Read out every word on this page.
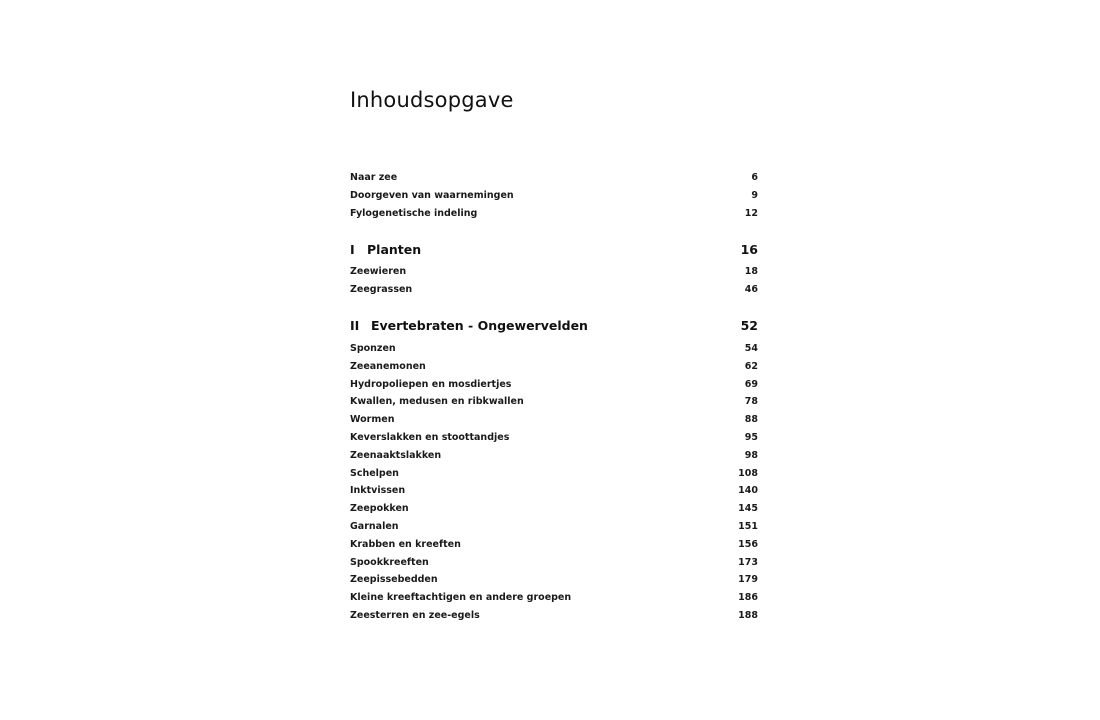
Inhoudsopgave
Naar zee	6
Doorgeven van waarnemingen	9
Fylogenetische indeling	12
I Planten	16
Zeewieren	18
Zeegrassen	46
II Evertebraten - Ongewervelden	52
Sponzen	54
Zeeanemonen	62
Hydropoliepen en mosdiertjes	69
Kwallen, medusen en ribkwallen	78
Wormen	88
Keverslakken en stoottandjes	95
Zeenaaktslakken	98
Schelpen	108
Inktvissen	140
Zeepokken	145
Garnalen	151
Krabben en kreeften	156
Spookkreeften	173
Zeepissebedden	179
Kleine kreeftachtigen en andere groepen	186
Zeesterren en zee-egels	188
